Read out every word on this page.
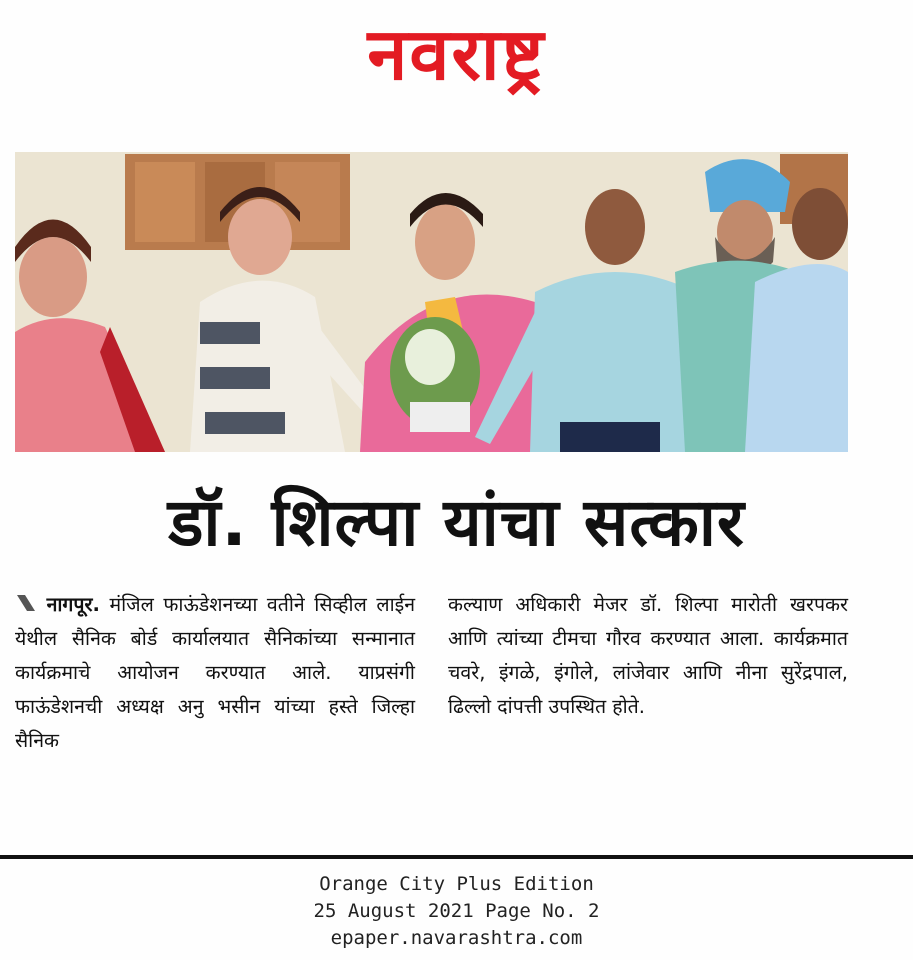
नवराष्ट्र
डॉ. शिल्पा यांचा सत्कार

नागपूर. मंजिल फाऊंडेशनच्या वतीने सिव्हील लाईन येथील सैनिक बोर्ड कार्यालयात सैनिकांच्या सन्मानात कार्यक्रमाचे आयोजन करण्यात आले. याप्रसंगी फाऊंडेशनची अध्यक्ष अनु भसीन यांच्या हस्ते जिल्हा सैनिक

कल्याण अधिकारी मेजर डॉ. शिल्पा मारोती खरपकर आणि त्यांच्या टीमचा गौरव करण्यात आला. कार्यक्रमात चवरे, इंगळे, इंगोले, लांजेवार आणि नीना सुरेंद्रपाल, ढिल्लो दांपत्ती उपस्थित होते.

Orange City Plus Edition
25 August 2021 Page No. 2
epaper.navarashtra.com
